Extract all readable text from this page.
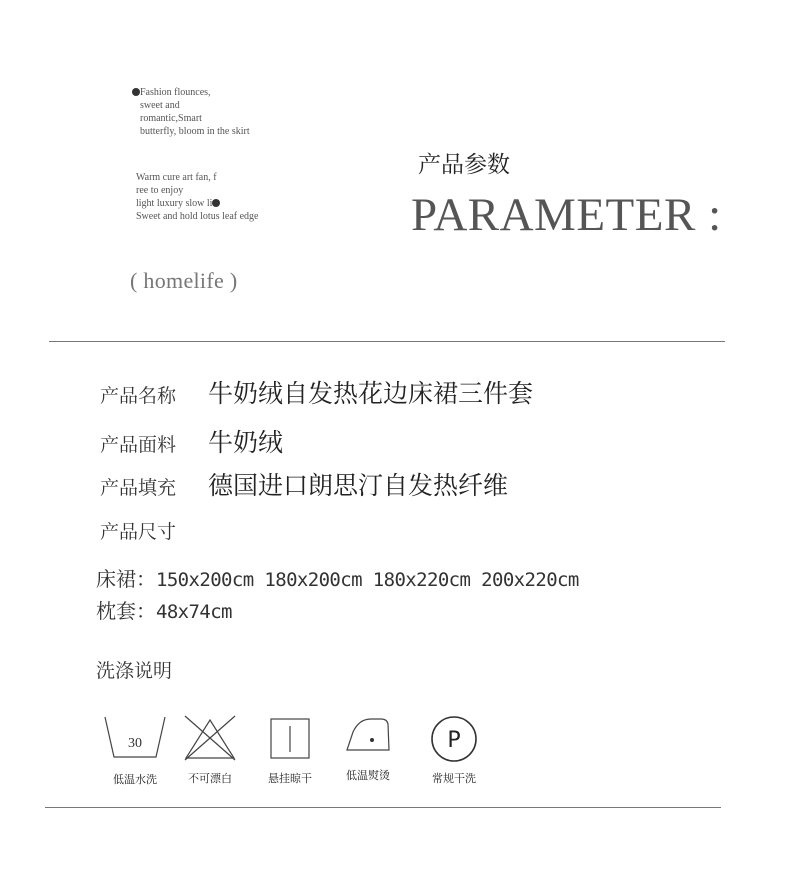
Fashion flounces,
sweet and
romantic,Smart
butterfly, bloom in the skirt
Warm cure art fan, f
ree to enjoy
light luxury slow li
Sweet and hold lotus leaf edge
( homelife )
产品参数
PARAMETER :
产品名称	牛奶绒自发热花边床裙三件套
产品面料	牛奶绒
产品填充	德国进口朗思汀自发热纤维
产品尺寸
床裙：150x200cm 180x200cm 180x220cm 200x220cm
枕套：48x74cm
洗涤说明
30
低温水洗	不可漂白	悬挂晾干	低温熨烫
P
常规干洗
